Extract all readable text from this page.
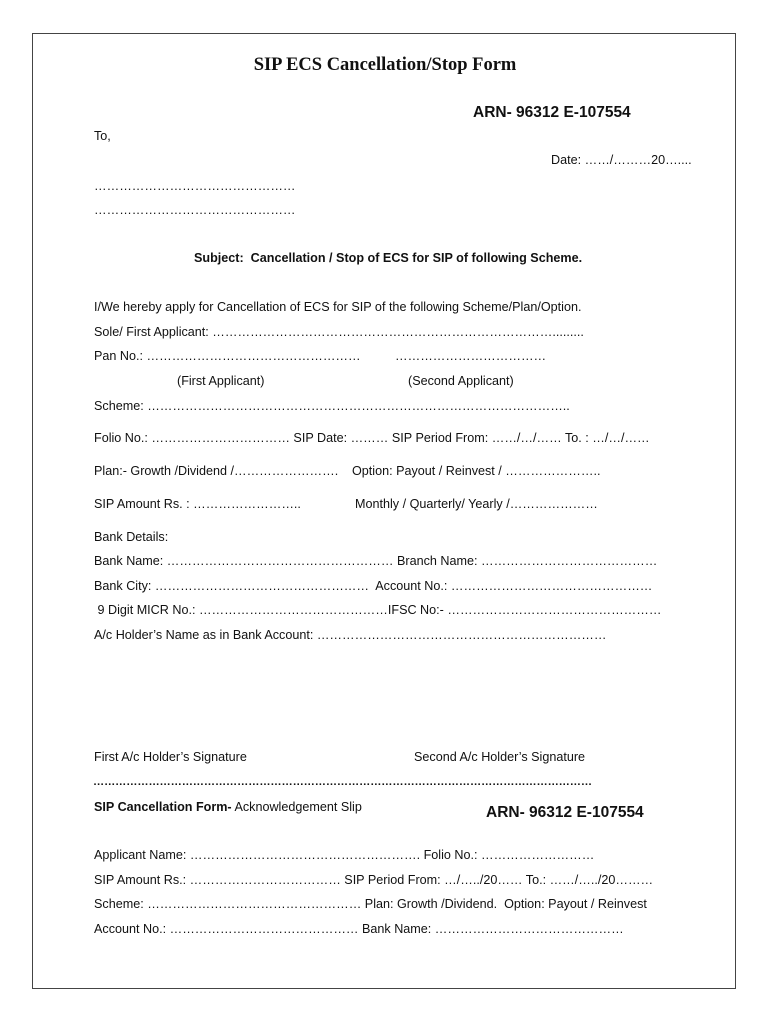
SIP ECS Cancellation/Stop Form
ARN- 96312 E-107554
To,
Date: ……/………20…....
…………………………………………
…………………………………………
Subject:  Cancellation / Stop of ECS for SIP of following Scheme.
I/We hereby apply for Cancellation of ECS for SIP of the following Scheme/Plan/Option.
Sole/ First Applicant: ……………………………………………………………………….........
Pan No.: ……………………………………………	………………………………
(First Applicant)	(Second Applicant)
Scheme: ………………………………………………………………………………………..
Folio No.: …………………………… SIP Date: ……… SIP Period From: ……/…/…… To. : …/…/……
Plan:- Growth /Dividend /……………………. Option: Payout / Reinvest / …………………..
SIP Amount Rs. : ……………………..	Monthly / Quarterly/ Yearly /…………………
Bank Details:
Bank Name: ……………………………………………… Branch Name: ……………………………………
Bank City: ……………………………………………  Account No.: …………………………………………
9 Digit MICR No.: ………………………………………IFSC No:- ……………………………………………
A/c Holder’s Name as in Bank Account: ……………………………………………………………
First A/c Holder’s Signature	Second A/c Holder’s Signature
………………………………………………………………………………………………………………………
SIP Cancellation Form- Acknowledgement Slip	ARN- 96312 E-107554
Applicant Name: ………………………………………………. Folio No.: ………………………
SIP Amount Rs.: ……………………………… SIP Period From: …/…../20…… To.: ……/…../20………
Scheme: …………………………………………… Plan: Growth /Dividend.  Option: Payout / Reinvest
Account No.: ……………………………………… Bank Name: ………………………………………
